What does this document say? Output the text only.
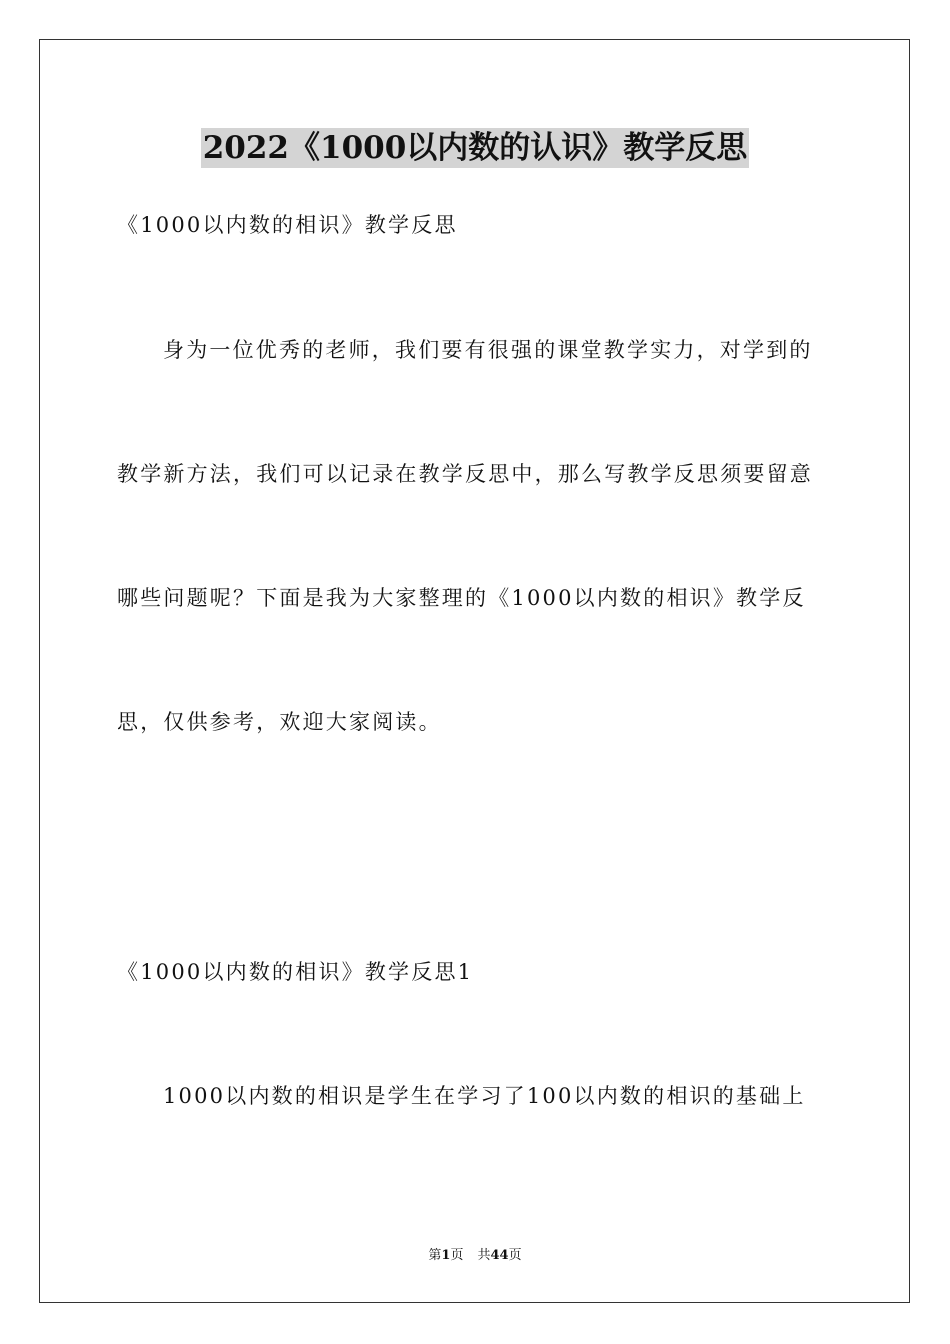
2022《1000以内数的认识》教学反思
《1000以内数的相识》教学反思
身为一位优秀的老师，我们要有很强的课堂教学实力，对学到的
教学新方法，我们可以记录在教学反思中，那么写教学反思须要留意
哪些问题呢？下面是我为大家整理的《1000以内数的相识》教学反
思，仅供参考，欢迎大家阅读。
《1000以内数的相识》教学反思1
1000以内数的相识是学生在学习了100以内数的相识的基础上
第1页 共44页
